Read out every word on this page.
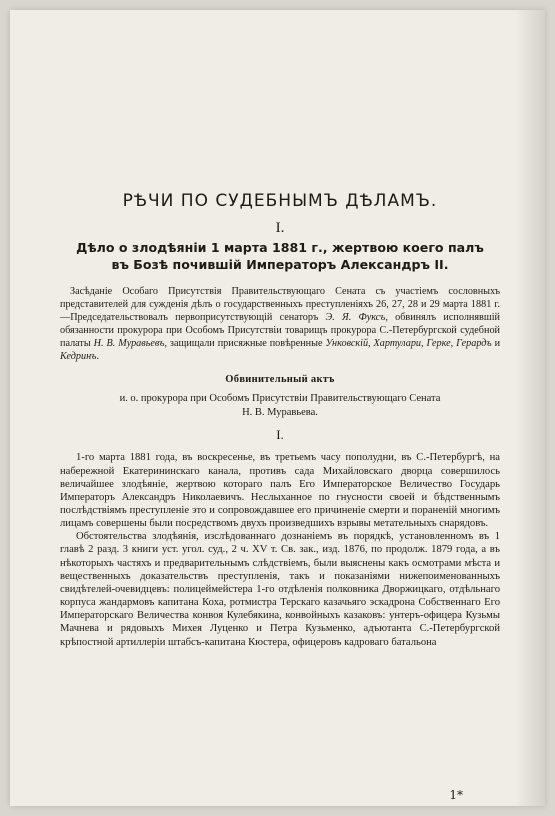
РѢЧИ ПО СУДЕБНЫМЪ ДѢЛАМЪ.
I.
Дѣло о злодѣяніи 1 марта 1881 г., жертвою коего палъ
въ Бозѣ почившій Императоръ Александръ II.

Засѣданіе Особаго Присутствія Правительствующаго Сената съ участіемъ сословныхъ представителей для сужденія дѣлъ о государственныхъ преступленіяхъ 26, 27, 28 и 29 марта 1881 г.—Председательствовалъ первоприсутствующій сенаторъ Э. Я. Фуксъ, обвинялъ исполнявшій обязанности прокурора при Особомъ Присутствіи товарищъ прокурора С.-Петербургской судебной палаты Н. В. Муравьевъ, защищали присяжные повѣренные Унковскій, Хартулари, Герке, Герардъ и Кедринъ.

Обвинительный актъ
и. о. прокурора при Особомъ Присутствіи Правительствующаго Сената
Н. В. Муравьева.
I.

1-го марта 1881 года, въ воскресенье, въ третьемъ часу пополудни, въ С.-Петербургѣ, на набережной Екатерининскаго канала, противъ сада Михайловскаго дворца совершилось величайшее злодѣяніе, жертвою котораго палъ Его Императорское Величество Государь Императоръ Александръ Николаевичъ. Неслыханное по гнусности своей и бѣдственнымъ послѣдствіямъ преступленіе это и сопровождавшее его причиненіе смерти и пораненій многимъ лицамъ совершены были посредствомъ двухъ произведшихъ взрывы метательныхъ снарядовъ.

Обстоятельства злодѣянія, изслѣдованнаго дознаніемъ въ порядкѣ, установленномъ въ 1 главѣ 2 разд. 3 книги уст. угол. суд., 2 ч. XV т. Св. зак., изд. 1876, по продолж. 1879 года, а въ нѣкоторыхъ частяхъ и предварительнымъ слѣдствіемъ, были выяснены какъ осмотрами мѣста и вещественныхъ доказательствъ преступленія, такъ и показаніями нижепоименованныхъ свидѣтелей-очевидцевъ: полицеймейстера 1-го отдѣленія полковника Дворжицкаго, отдѣльнаго корпуса жандармовъ капитана Коха, ротмистра Терскаго казачьяго эскадрона Собственнаго Его Императорскаго Величества конвоя Кулебякина, конвойныхъ казаковъ: унтеръ-офицера Кузьмы Мачнева и рядовыхъ Михея Луценко и Петра Кузьменко, адъютанта С.-Петербургской крѣпостной артиллеріи штабсъ-капитана Кюстера, офицеровъ кадроваго батальона

1*
